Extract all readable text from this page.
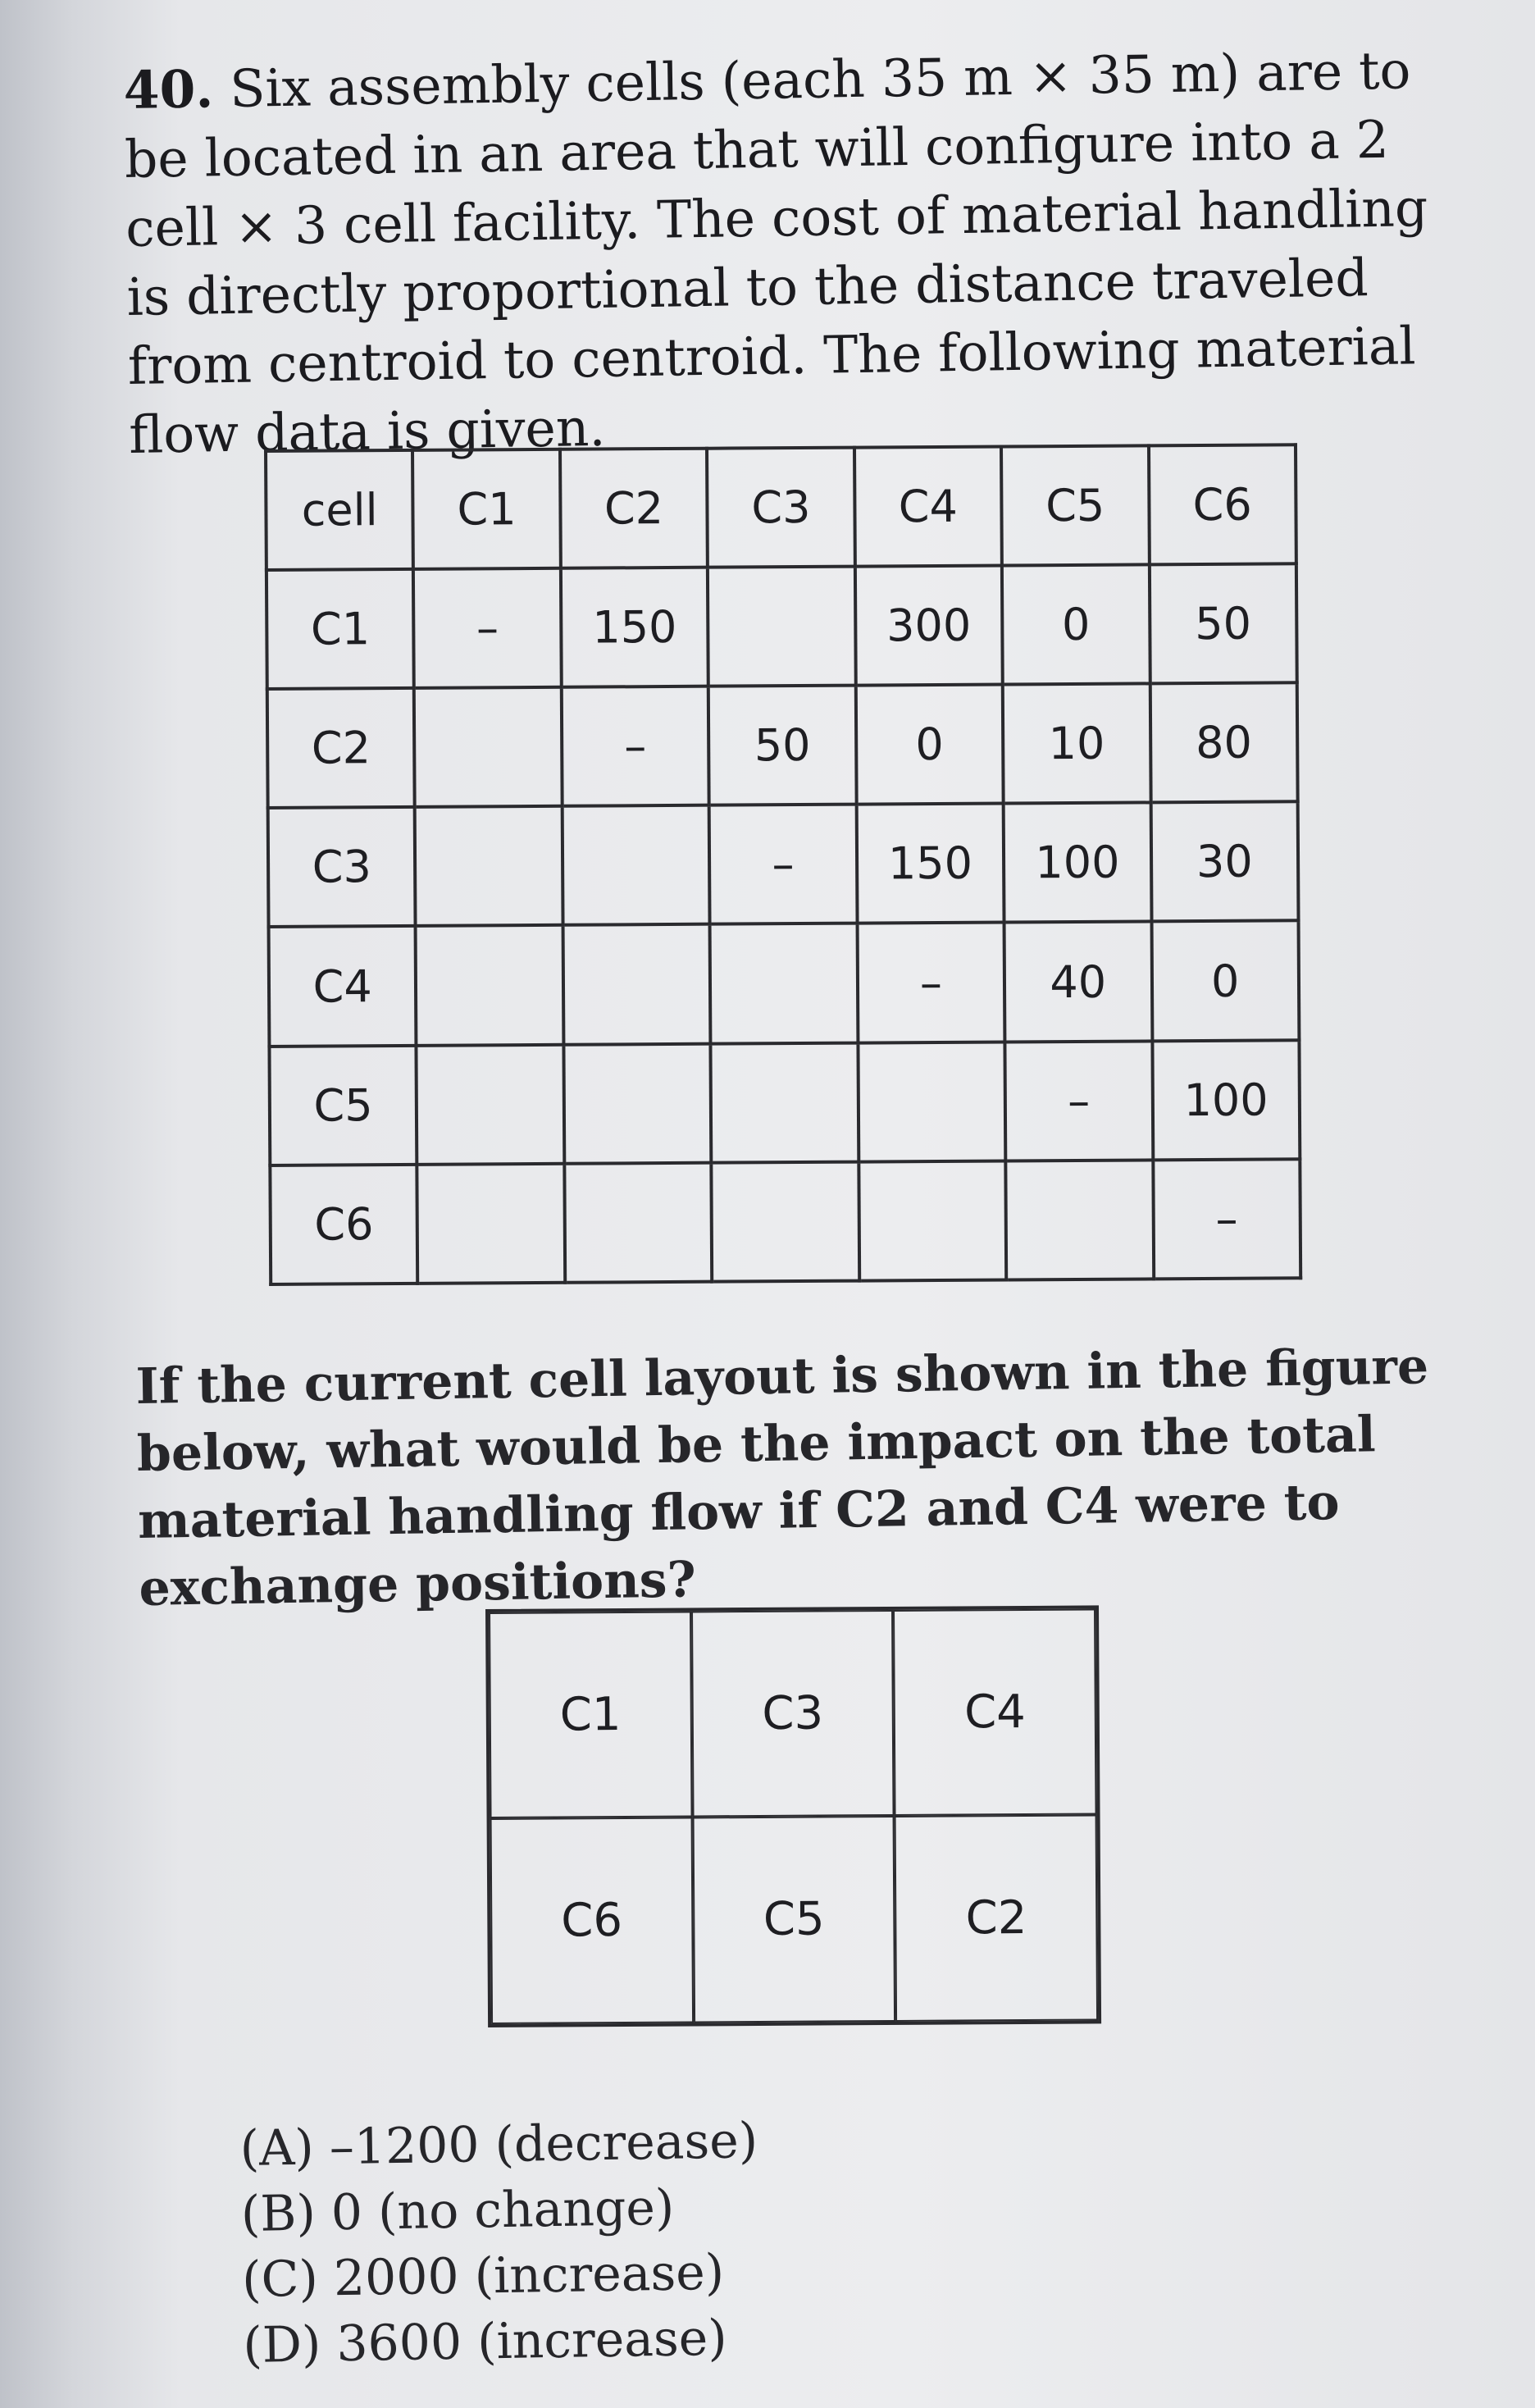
40. Six assembly cells (each 35 m × 35 m) are to be located in an area that will configure into a 2 cell × 3 cell facility. The cost of material handling is directly proportional to the distance traveled from centroid to centroid. The following material flow data is given.

cell	C1	C2	C3	C4	C5	C6
C1	–	150		300	0	50
C2		–	50	0	10	80
C3			–	150	100	30
C4				–	40	0
C5					–	100
C6						–

If the current cell layout is shown in the figure below, what would be the impact on the total material handling flow if C2 and C4 were to exchange positions?

C1	C3	C4
C6	C5	C2
(A) –1200 (decrease)
(B) 0 (no change)
(C) 2000 (increase)
(D) 3600 (increase)
